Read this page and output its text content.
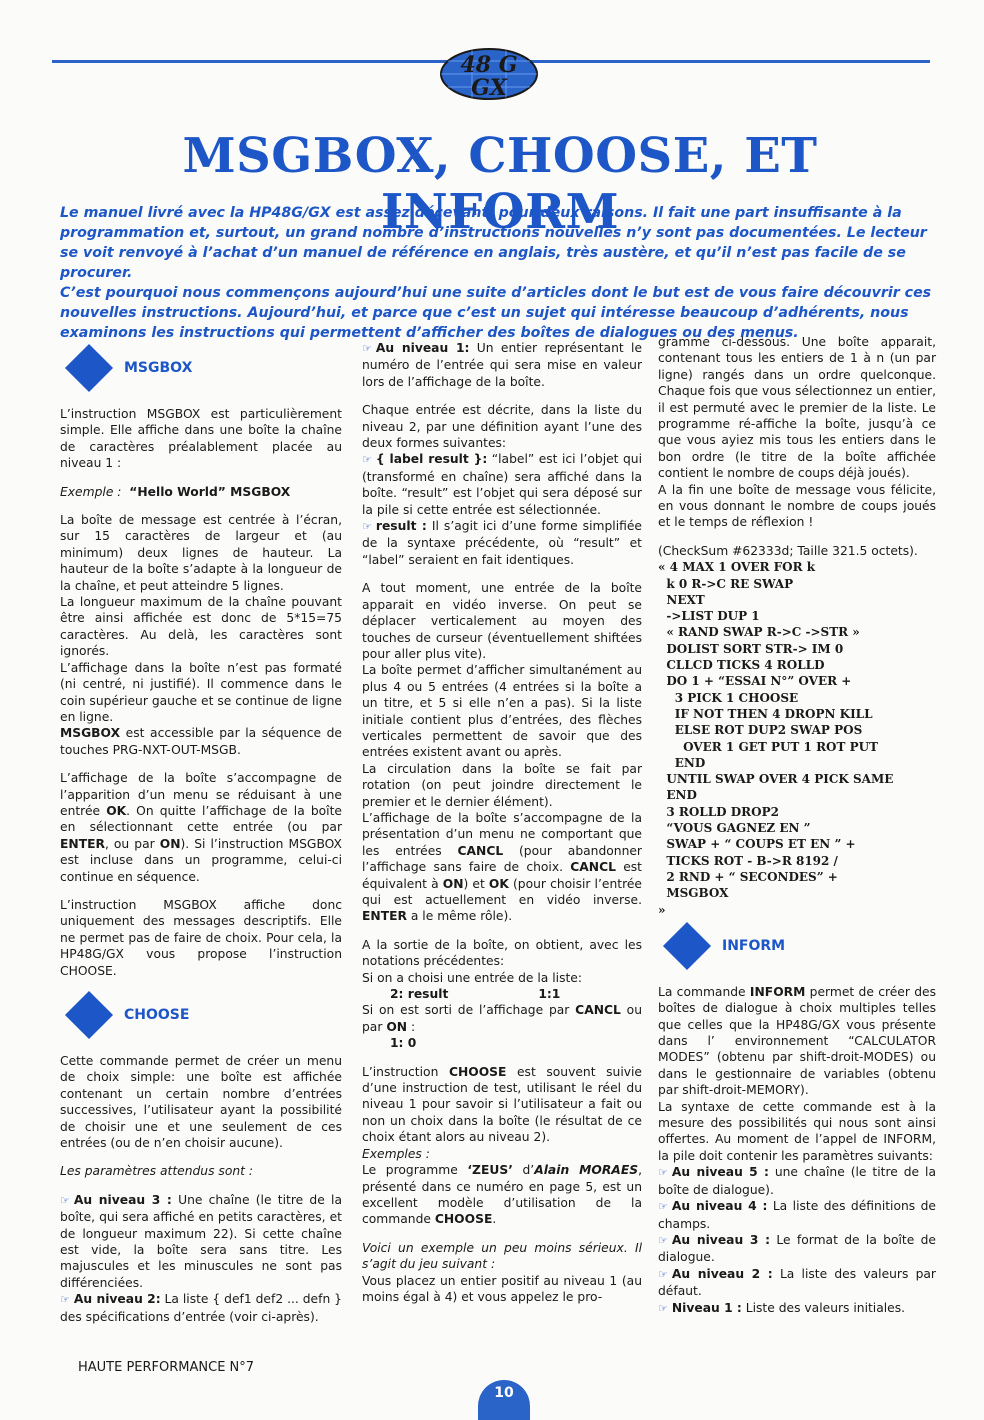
48 G
GX
MSGBOX, CHOOSE, ET INFORM

Le manuel livré avec la HP48G/GX est assez décevant, pour deux raisons. Il fait une part insuffisante à la programmation et, surtout, un grand nombre d’instructions nouvelles n’y sont pas documentées. Le lecteur se voit renvoyé à l’achat d’un manuel de référence en anglais, très austère, et qu’il n’est pas facile de se procurer.

C’est pourquoi nous commençons aujourd’hui une suite d’articles dont le but est de vous faire découvrir ces nouvelles instructions. Aujourd’hui, et parce que c’est un sujet qui intéresse beaucoup d’adhérents, nous examinons les instructions qui permettent d’afficher des boîtes de dialogues ou des menus.

MSGBOX

L’instruction MSGBOX est particulièrement simple. Elle affiche dans une boîte la chaîne de caractères préalablement placée au niveau 1 :

Exemple : “Hello World” MSGBOX

La boîte de message est centrée à l’écran, sur 15 caractères de largeur et (au minimum) deux lignes de hauteur. La hauteur de la boîte s’adapte à la longueur de la chaîne, et peut atteindre 5 lignes.

La longueur maximum de la chaîne pouvant être ainsi affichée est donc de 5*15=75 caractères. Au delà, les caractères sont ignorés.

L’affichage dans la boîte n’est pas formaté (ni centré, ni justifié). Il commence dans le coin supérieur gauche et se continue de ligne en ligne.

MSGBOX est accessible par la séquence de touches PRG-NXT-OUT-MSGB.

L’affichage de la boîte s’accompagne de l’apparition d’un menu se réduisant à une entrée OK. On quitte l’affichage de la boîte en sélectionnant cette entrée (ou par ENTER, ou par ON). Si l’instruction MSGBOX est incluse dans un programme, celui-ci continue en séquence.

L’instruction MSGBOX affiche donc uniquement des messages descriptifs. Elle ne permet pas de faire de choix. Pour cela, la HP48G/GX vous propose l’instruction CHOOSE.

CHOOSE

Cette commande permet de créer un menu de choix simple: une boîte est affichée contenant un certain nombre d’entrées successives, l’utilisateur ayant la possibilité de choisir une et une seulement de ces entrées (ou de n’en choisir aucune).

Les paramètres attendus sont :

☞ Au niveau 3 : Une chaîne (le titre de la boîte, qui sera affiché en petits caractères, et de longueur maximum 22). Si cette chaîne est vide, la boîte sera sans titre. Les majuscules et les minuscules ne sont pas différenciées.

☞ Au niveau 2: La liste { def1 def2 ... defn } des spécifications d’entrée (voir ci-après).

☞ Au niveau 1: Un entier représentant le numéro de l’entrée qui sera mise en valeur lors de l’affichage de la boîte.

Chaque entrée est décrite, dans la liste du niveau 2, par une définition ayant l’une des deux formes suivantes:

☞ { label result }: “label” est ici l’objet qui (transformé en chaîne) sera affiché dans la boîte. “result” est l’objet qui sera déposé sur la pile si cette entrée est sélectionnée.

☞ result : Il s’agit ici d’une forme simplifiée de la syntaxe précédente, où “result” et “label” seraient en fait identiques.

A tout moment, une entrée de la boîte apparait en vidéo inverse. On peut se déplacer verticalement au moyen des touches de curseur (éventuellement shiftées pour aller plus vite).

La boîte permet d’afficher simultanément au plus 4 ou 5 entrées (4 entrées si la boîte a un titre, et 5 si elle n’en a pas). Si la liste initiale contient plus d’entrées, des flèches verticales permettent de savoir que des entrées existent avant ou après.

La circulation dans la boîte se fait par rotation (on peut joindre directement le premier et le dernier élément).

L’affichage de la boîte s’accompagne de la présentation d’un menu ne comportant que les entrées CANCL (pour abandonner l’affichage sans faire de choix. CANCL est équivalent à ON) et OK (pour choisir l’entrée qui est actuellement en vidéo inverse. ENTER a le même rôle).

A la sortie de la boîte, on obtient, avec les notations précédentes:

Si on a choisi une entrée de la liste:

2: result	1:1

Si on est sorti de l’affichage par CANCL ou par ON :

1: 0

L’instruction CHOOSE est souvent suivie d’une instruction de test, utilisant le réel du niveau 1 pour savoir si l’utilisateur a fait ou non un choix dans la boîte (le résultat de ce choix étant alors au niveau 2).

Exemples :

Le programme ‘ZEUS’ d’Alain MORAES, présenté dans ce numéro en page 5, est un excellent modèle d’utilisation de la commande CHOOSE.

Voici un exemple un peu moins sérieux. Il s’agit du jeu suivant :

Vous placez un entier positif au niveau 1 (au moins égal à 4) et vous appelez le pro-

gramme ci-dessous. Une boîte apparait, contenant tous les entiers de 1 à n (un par ligne) rangés dans un ordre quelconque. Chaque fois que vous sélectionnez un entier, il est permuté avec le premier de la liste. Le programme ré-affiche la boîte, jusqu’à ce que vous ayiez mis tous les entiers dans le bon ordre (le titre de la boîte affichée contient le nombre de coups déjà joués).

A la fin une boîte de message vous félicite, en vous donnant le nombre de coups joués et le temps de réflexion !

(CheckSum #62333d; Taille 321.5 octets).

« 4 MAX 1 OVER FOR k
k 0 R->C RE SWAP
NEXT
->LIST DUP 1
« RAND SWAP R->C ->STR »
DOLIST SORT STR-> IM 0
CLLCD TICKS 4 ROLLD
DO 1 + “ESSAI N°” OVER +
3 PICK 1 CHOOSE
IF NOT THEN 4 DROPN KILL
ELSE ROT DUP2 SWAP POS
OVER 1 GET PUT 1 ROT PUT
END
UNTIL SWAP OVER 4 PICK SAME
END
3 ROLLD DROP2
“VOUS GAGNEZ EN ”
SWAP + “ COUPS ET EN ” +
TICKS ROT - B->R 8192 /
2 RND + “ SECONDES” +
MSGBOX
»
INFORM

La commande INFORM permet de créer des boîtes de dialogue à choix multiples telles que celles que la HP48G/GX vous présente dans l’ environnement “CALCULATOR MODES” (obtenu par shift-droit-MODES) ou dans le gestionnaire de variables (obtenu par shift-droit-MEMORY).

La syntaxe de cette commande est à la mesure des possibilités qui nous sont ainsi offertes. Au moment de l’appel de INFORM, la pile doit contenir les paramètres suivants:

☞ Au niveau 5 : une chaîne (le titre de la boîte de dialogue).

☞ Au niveau 4 : La liste des définitions de champs.

☞ Au niveau 3 : Le format de la boîte de dialogue.

☞ Au niveau 2 : La liste des valeurs par défaut.

☞ Niveau 1 : Liste des valeurs initiales.

HAUTE PERFORMANCE N°7
10
